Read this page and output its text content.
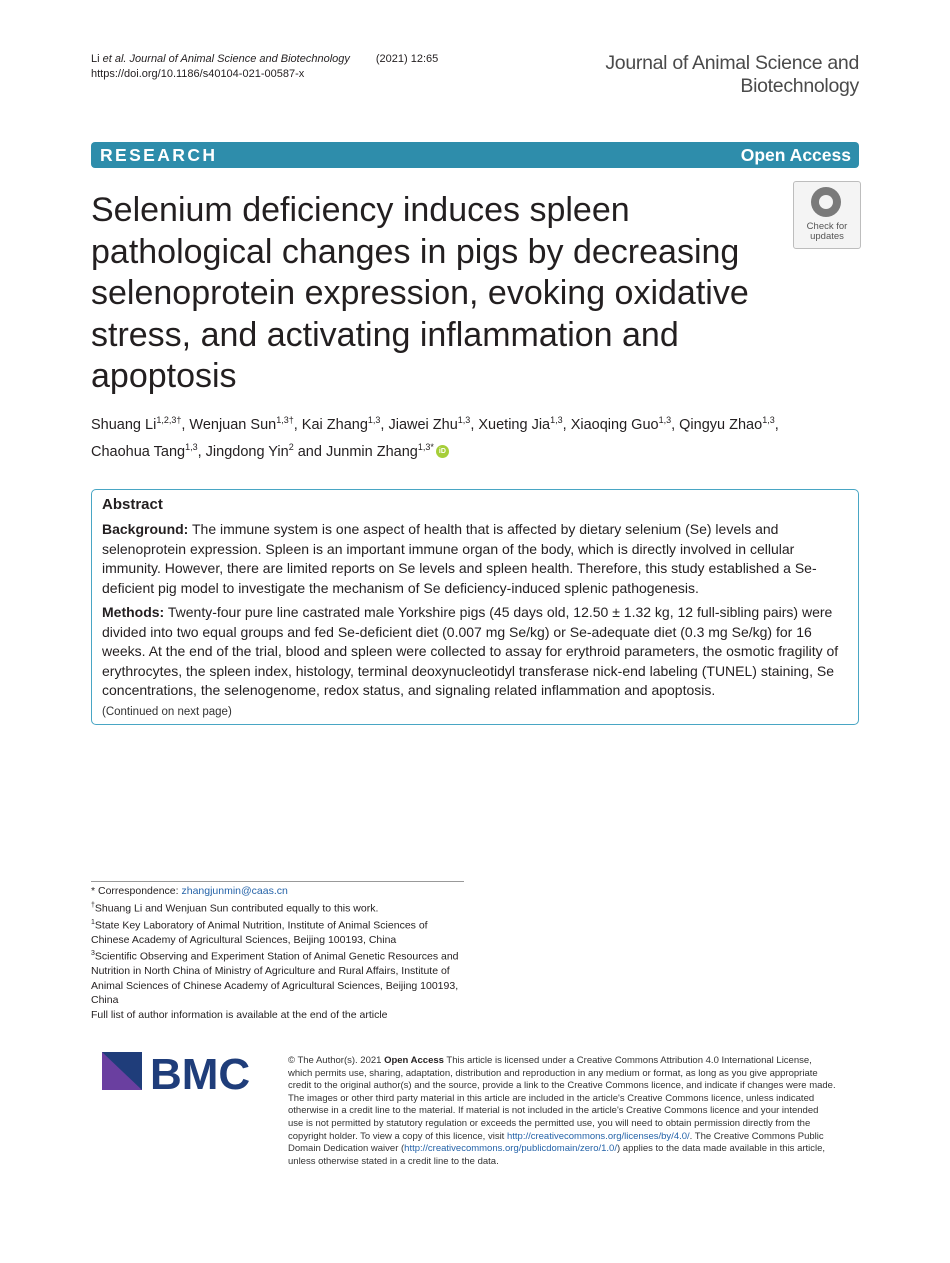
Li et al. Journal of Animal Science and Biotechnology (2021) 12:65
https://doi.org/10.1186/s40104-021-00587-x	Journal of Animal Science and
Biotechnology
RESEARCH	Open Access
Selenium deficiency induces spleen pathological changes in pigs by decreasing selenoprotein expression, evoking oxidative stress, and activating inflammation and apoptosis
Check for
updates
Shuang $Li^{1,2,3\dagger}$, Wenjuan Sun$^{1,3\dagger}$, Kai Zhang$^{1,3}$, Jiawei Zhu$^{1,3}$, Xueting Jia$^{1,3}$, Xiaoqing Guo$^{1,3}$, Qingyu Zhao$^{1,3}$,
Chaohua Tang$^{1,3}$, Jingdong Yin$^2$ and Junmin Zhang$^{1,3*}$ iD
Abstract

Background: The immune system is one aspect of health that is affected by dietary selenium (Se) levels and selenoprotein expression. Spleen is an important immune organ of the body, which is directly involved in cellular immunity. However, there are limited reports on Se levels and spleen health. Therefore, this study established a Se-deficient pig model to investigate the mechanism of Se deficiency-induced splenic pathogenesis.

Methods: Twenty-four pure line castrated male Yorkshire pigs (45 days old, 12.50 ± 1.32 kg, 12 full-sibling pairs) were divided into two equal groups and fed Se-deficient diet (0.007 mg Se/kg) or Se-adequate diet (0.3 mg Se/kg) for 16 weeks. At the end of the trial, blood and spleen were collected to assay for erythroid parameters, the osmotic fragility of erythrocytes, the spleen index, histology, terminal deoxynucleotidyl transferase nick-end labeling (TUNEL) staining, Se concentrations, the selenogenome, redox status, and signaling related inflammation and apoptosis.

(Continued on next page)
* Correspondence: zhangjunmin@caas.cn
†Shuang Li and Wenjuan Sun contributed equally to this work.
$^1$State Key Laboratory of Animal Nutrition, Institute of Animal Sciences of Chinese Academy of Agricultural Sciences, Beijing 100193, China
$^3$Scientific Observing and Experiment Station of Animal Genetic Resources and Nutrition in North China of Ministry of Agriculture and Rural Affairs, Institute of Animal Sciences of Chinese Academy of Agricultural Sciences, Beijing 100193, China
Full list of author information is available at the end of the article
BMC	© The Author(s). 2021 Open Access This article is licensed under a Creative Commons Attribution 4.0 International License, which permits use, sharing, adaptation, distribution and reproduction in any medium or format, as long as you give appropriate credit to the original author(s) and the source, provide a link to the Creative Commons licence, and indicate if changes were made. The images or other third party material in this article are included in the article's Creative Commons licence, unless indicated otherwise in a credit line to the material. If material is not included in the article's Creative Commons licence and your intended use is not permitted by statutory regulation or exceeds the permitted use, you will need to obtain permission directly from the copyright holder. To view a copy of this licence, visit http://creativecommons.org/licenses/by/4.0/. The Creative Commons Public Domain Dedication waiver (http://creativecommons.org/publicdomain/zero/1.0/) applies to the data made available in this article, unless otherwise stated in a credit line to the data.
